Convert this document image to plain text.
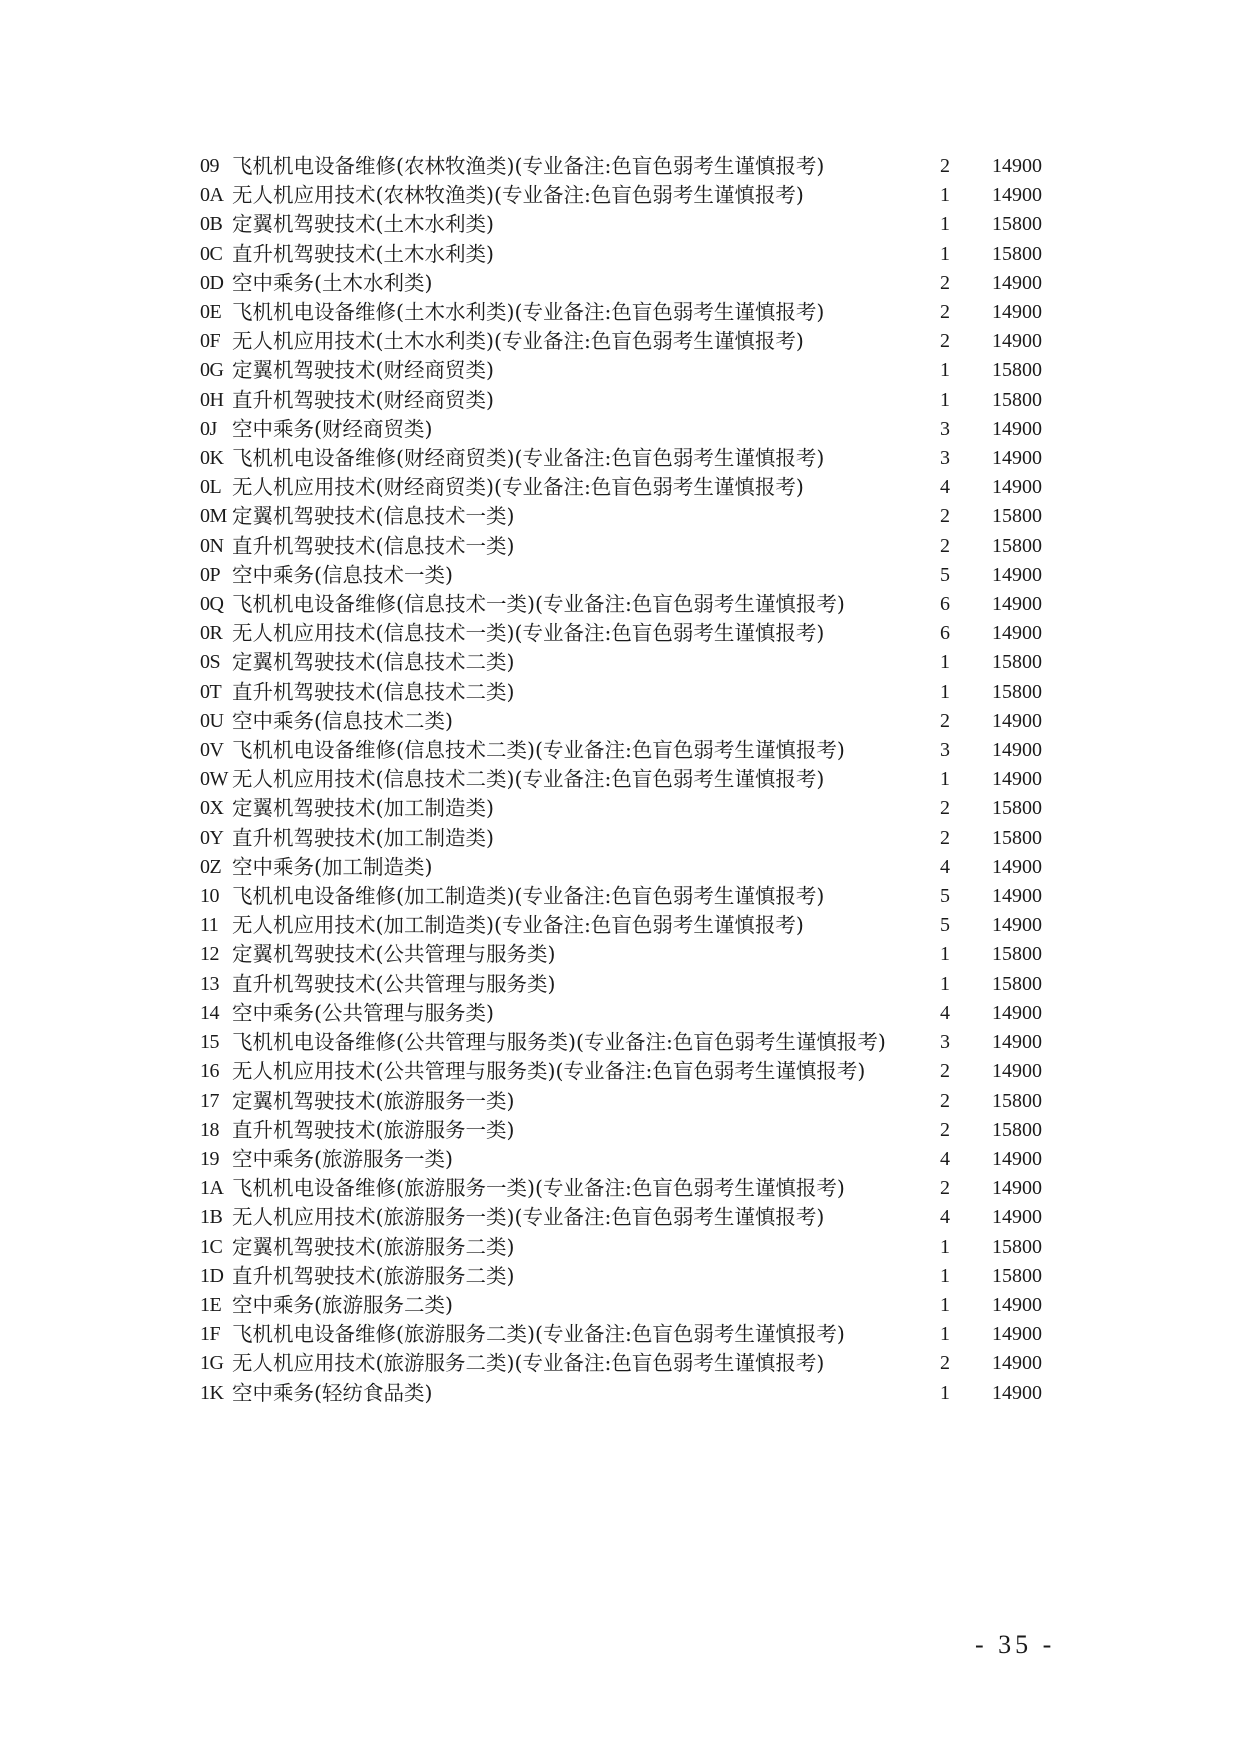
09 飞机机电设备维修(农林牧渔类)(专业备注:色盲色弱考生谨慎报考)	2	14900
0A 无人机应用技术(农林牧渔类)(专业备注:色盲色弱考生谨慎报考)	1	14900
0B 定翼机驾驶技术(土木水利类)	1	15800
0C 直升机驾驶技术(土木水利类)	1	15800
0D 空中乘务(土木水利类)	2	14900
0E 飞机机电设备维修(土木水利类)(专业备注:色盲色弱考生谨慎报考)	2	14900
0F 无人机应用技术(土木水利类)(专业备注:色盲色弱考生谨慎报考)	2	14900
0G 定翼机驾驶技术(财经商贸类)	1	15800
0H 直升机驾驶技术(财经商贸类)	1	15800
0J 空中乘务(财经商贸类)	3	14900
0K 飞机机电设备维修(财经商贸类)(专业备注:色盲色弱考生谨慎报考)	3	14900
0L 无人机应用技术(财经商贸类)(专业备注:色盲色弱考生谨慎报考)	4	14900
0M 定翼机驾驶技术(信息技术一类)	2	15800
0N 直升机驾驶技术(信息技术一类)	2	15800
0P 空中乘务(信息技术一类)	5	14900
0Q 飞机机电设备维修(信息技术一类)(专业备注:色盲色弱考生谨慎报考)	6	14900
0R 无人机应用技术(信息技术一类)(专业备注:色盲色弱考生谨慎报考)	6	14900
0S 定翼机驾驶技术(信息技术二类)	1	15800
0T 直升机驾驶技术(信息技术二类)	1	15800
0U 空中乘务(信息技术二类)	2	14900
0V 飞机机电设备维修(信息技术二类)(专业备注:色盲色弱考生谨慎报考)	3	14900
0W 无人机应用技术(信息技术二类)(专业备注:色盲色弱考生谨慎报考)	1	14900
0X 定翼机驾驶技术(加工制造类)	2	15800
0Y 直升机驾驶技术(加工制造类)	2	15800
0Z 空中乘务(加工制造类)	4	14900
10 飞机机电设备维修(加工制造类)(专业备注:色盲色弱考生谨慎报考)	5	14900
11 无人机应用技术(加工制造类)(专业备注:色盲色弱考生谨慎报考)	5	14900
12 定翼机驾驶技术(公共管理与服务类)	1	15800
13 直升机驾驶技术(公共管理与服务类)	1	15800
14 空中乘务(公共管理与服务类)	4	14900
15 飞机机电设备维修(公共管理与服务类)(专业备注:色盲色弱考生谨慎报考)	3	14900
16 无人机应用技术(公共管理与服务类)(专业备注:色盲色弱考生谨慎报考)	2	14900
17 定翼机驾驶技术(旅游服务一类)	2	15800
18 直升机驾驶技术(旅游服务一类)	2	15800
19 空中乘务(旅游服务一类)	4	14900
1A 飞机机电设备维修(旅游服务一类)(专业备注:色盲色弱考生谨慎报考)	2	14900
1B 无人机应用技术(旅游服务一类)(专业备注:色盲色弱考生谨慎报考)	4	14900
1C 定翼机驾驶技术(旅游服务二类)	1	15800
1D 直升机驾驶技术(旅游服务二类)	1	15800
1E 空中乘务(旅游服务二类)	1	14900
1F 飞机机电设备维修(旅游服务二类)(专业备注:色盲色弱考生谨慎报考)	1	14900
1G 无人机应用技术(旅游服务二类)(专业备注:色盲色弱考生谨慎报考)	2	14900
1K 空中乘务(轻纺食品类)	1	14900
- 35 -
